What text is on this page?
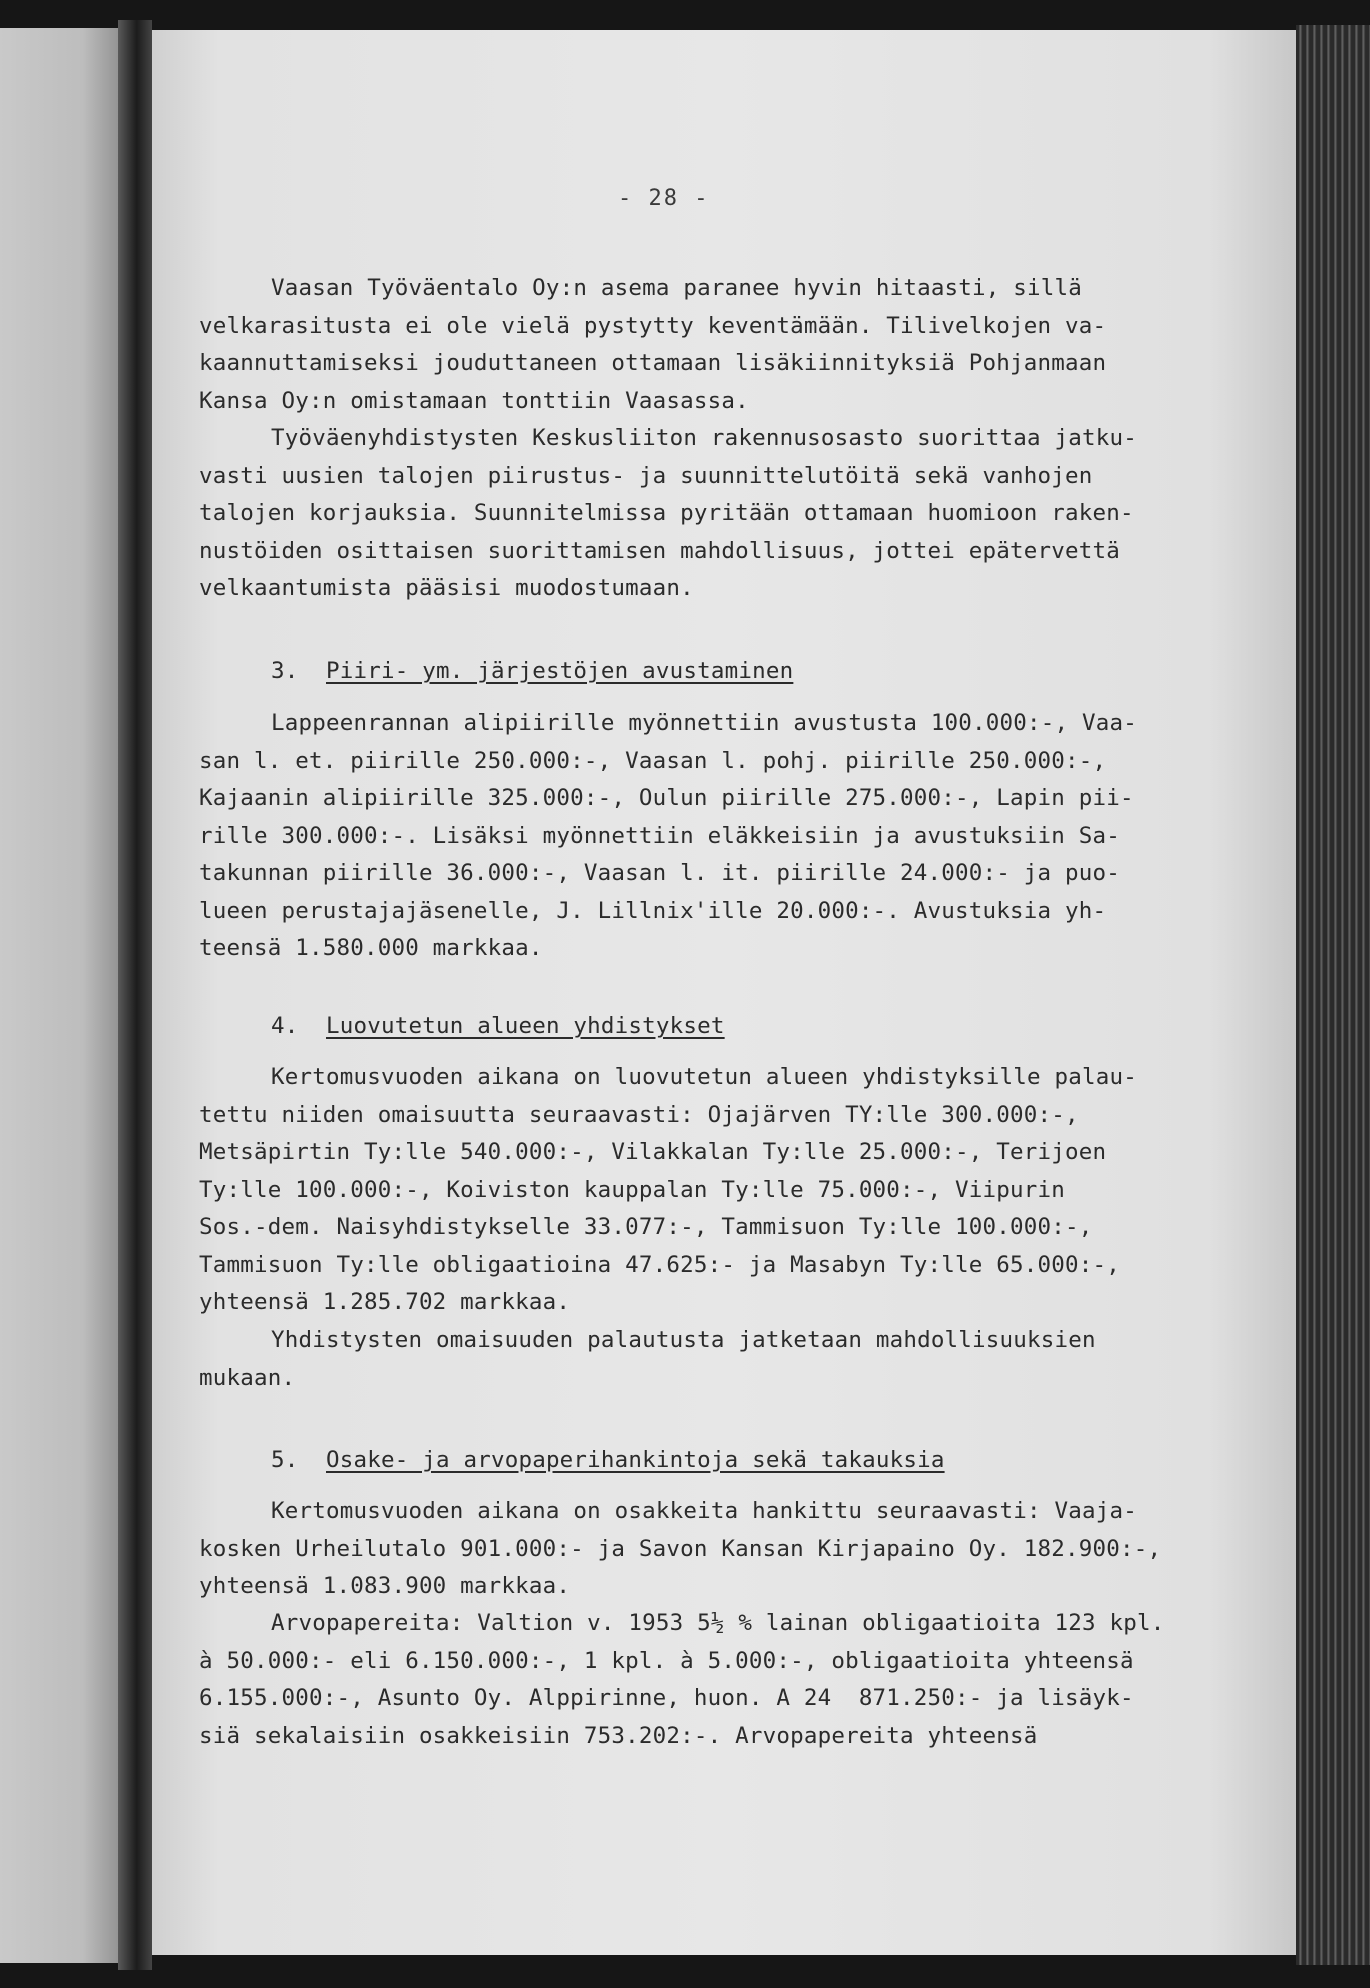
- 28 -
Vaasan Työväentalo Oy:n asema paranee hyvin hitaasti, sillä
velkarasitusta ei ole vielä pystytty keventämään. Tilivelkojen va-
kaannuttamiseksi jouduttaneen ottamaan lisäkiinnityksiä Pohjanmaan
Kansa Oy:n omistamaan tonttiin Vaasassa.
Työväenyhdistysten Keskusliiton rakennusosasto suorittaa jatku-
vasti uusien talojen piirustus- ja suunnittelutöitä sekä vanhojen
talojen korjauksia. Suunnitelmissa pyritään ottamaan huomioon raken-
nustöiden osittaisen suorittamisen mahdollisuus, jottei epätervettä
velkaantumista pääsisi muodostumaan.
3. Piiri- ym. järjestöjen avustaminen
Lappeenrannan alipiirille myönnettiin avustusta 100.000:-, Vaa-
san l. et. piirille 250.000:-, Vaasan l. pohj. piirille 250.000:-,
Kajaanin alipiirille 325.000:-, Oulun piirille 275.000:-, Lapin pii-
rille 300.000:-. Lisäksi myönnettiin eläkkeisiin ja avustuksiin Sa-
takunnan piirille 36.000:-, Vaasan l. it. piirille 24.000:- ja puo-
lueen perustajajäsenelle, J. Lillnix'ille 20.000:-. Avustuksia yh-
teensä 1.580.000 markkaa.
4. Luovutetun alueen yhdistykset
Kertomusvuoden aikana on luovutetun alueen yhdistyksille palau-
tettu niiden omaisuutta seuraavasti: Ojajärven TY:lle 300.000:-,
Metsäpirtin Ty:lle 540.000:-, Vilakkalan Ty:lle 25.000:-, Terijoen
Ty:lle 100.000:-, Koiviston kauppalan Ty:lle 75.000:-, Viipurin
Sos.-dem. Naisyhdistykselle 33.077:-, Tammisuon Ty:lle 100.000:-,
Tammisuon Ty:lle obligaatioina 47.625:- ja Masabyn Ty:lle 65.000:-,
yhteensä 1.285.702 markkaa.
Yhdistysten omaisuuden palautusta jatketaan mahdollisuuksien
mukaan.
5. Osake- ja arvopaperihankintoja sekä takauksia
Kertomusvuoden aikana on osakkeita hankittu seuraavasti: Vaaja-
kosken Urheilutalo 901.000:- ja Savon Kansan Kirjapaino Oy. 182.900:-,
yhteensä 1.083.900 markkaa.
Arvopapereita: Valtion v. 1953 5½ % lainan obligaatioita 123 kpl.
à 50.000:- eli 6.150.000:-, 1 kpl. à 5.000:-, obligaatioita yhteensä
6.155.000:-, Asunto Oy. Alppirinne, huon. A 24  871.250:- ja lisäyk-
siä sekalaisiin osakkeisiin 753.202:-. Arvopapereita yhteensä
